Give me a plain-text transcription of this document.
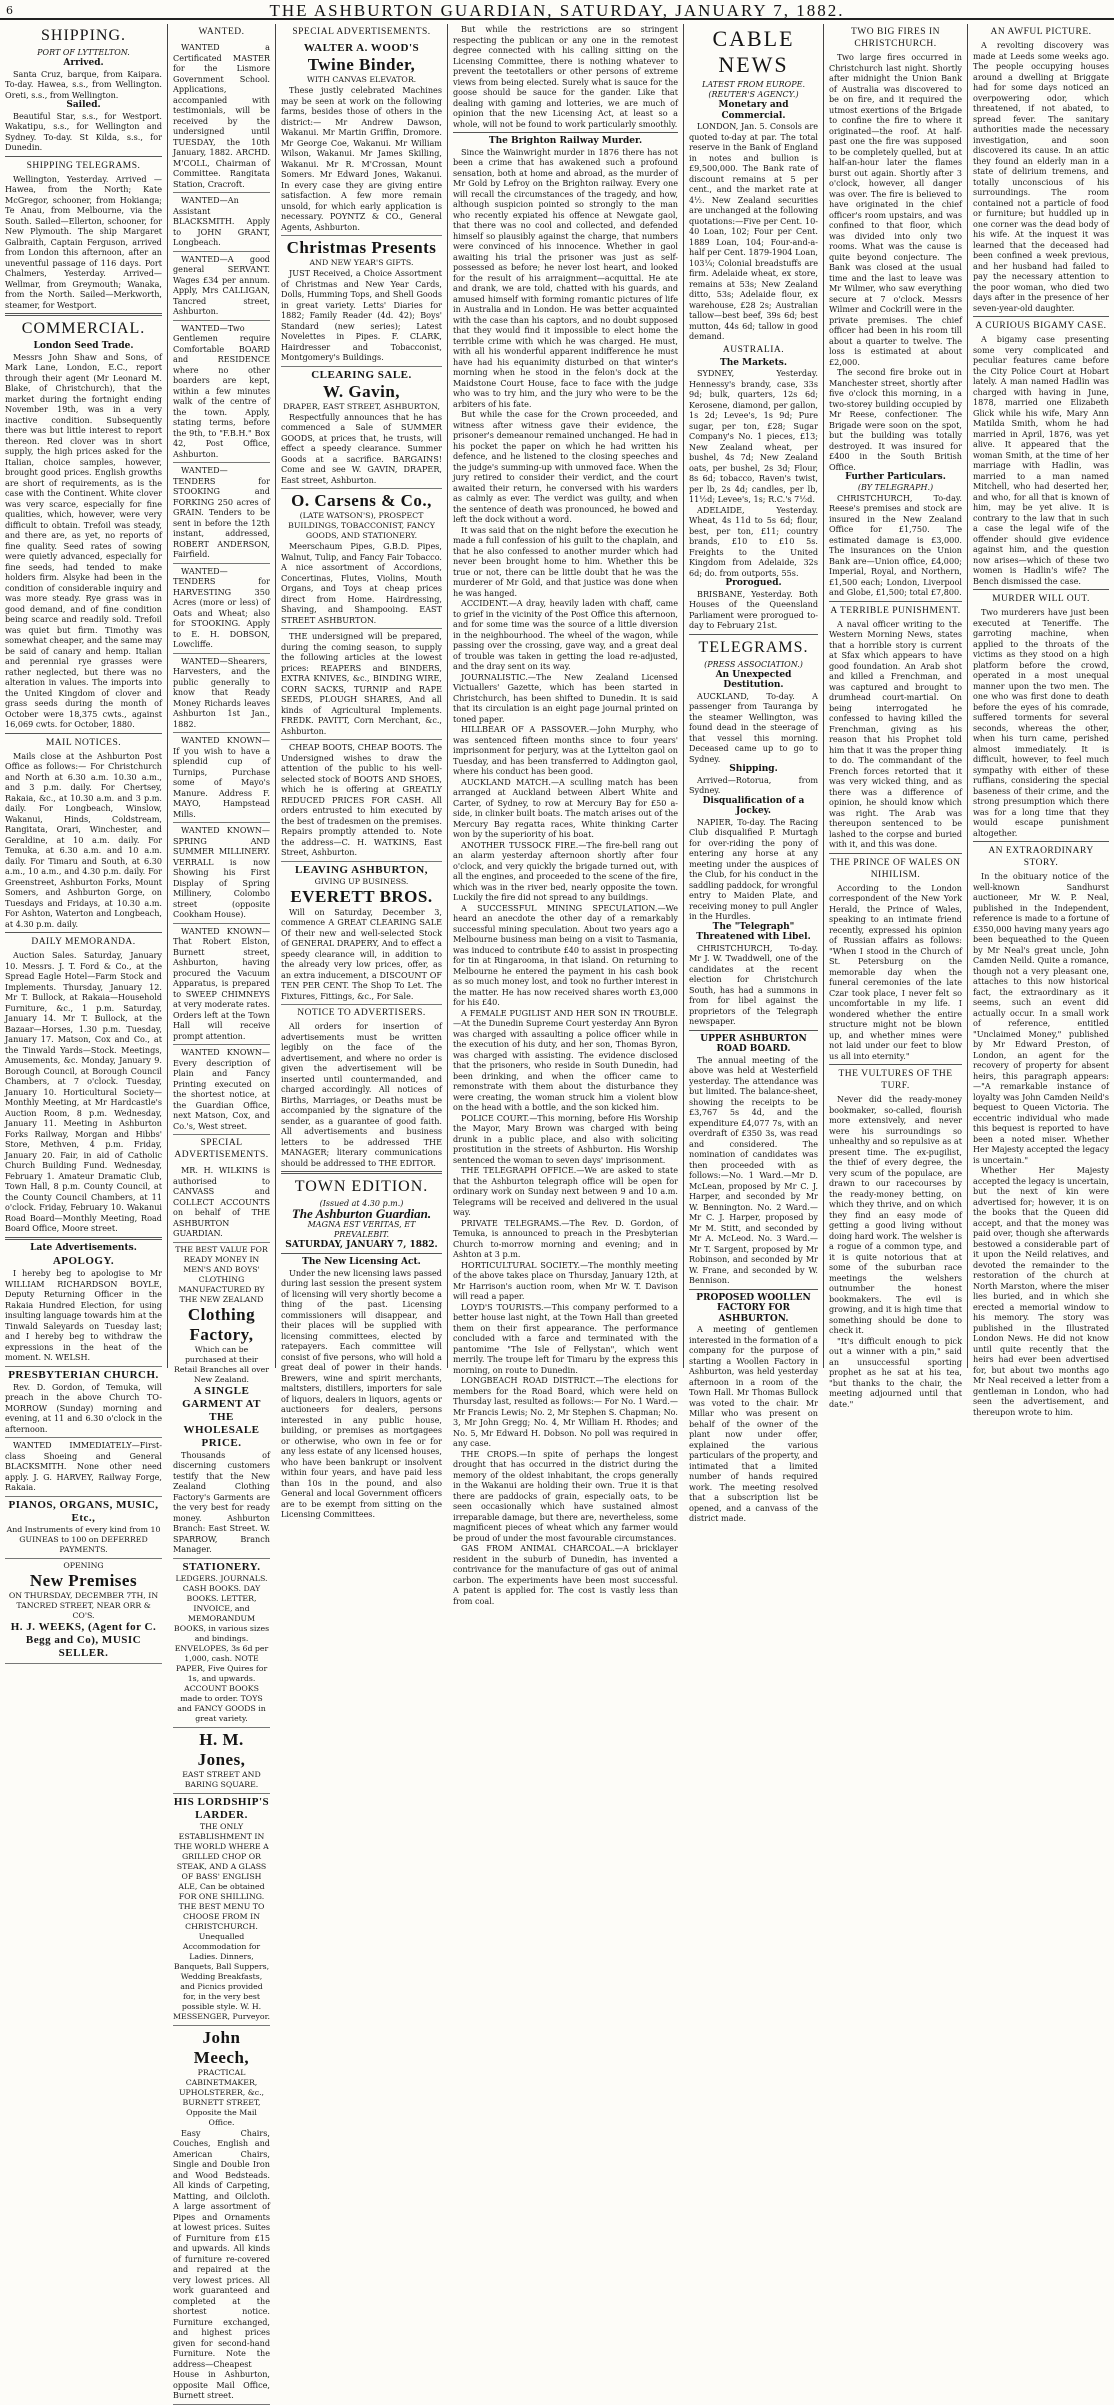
6	THE ASHBURTON GUARDIAN, SATURDAY, JANUARY 7, 1882.
SHIPPING.
PORT OF LYTTELTON.
Arrived.
Santa Cruz, barque, from Kaipara. To-day. Hawea, s.s., from Wellington. Oreti, s.s., from Wellington.
Sailed.
Beautiful Star, s.s., for Westport. Wakatipu, s.s., for Wellington and Sydney. To-day. St Kilda, s.s., for Dunedin.
SHIPPING TELEGRAMS.
Wellington, Yesterday. Arrived — Hawea, from the North; Kate McGregor, schooner, from Hokianga; Te Anau, from Melbourne, via the South. Sailed—Ellerton, schooner, for New Plymouth. The ship Margaret Galbraith, Captain Ferguson, arrived from London this afternoon, after an uneventful passage of 116 days. Port Chalmers, Yesterday. Arrived—Wellmar, from Greymouth; Wanaka, from the North. Sailed—Merkworth, steamer, for Westport.
COMMERCIAL.
London Seed Trade.
Messrs John Shaw and Sons, of Mark Lane, London, E.C., report through their agent (Mr Leonard M. Blake, of Christchurch), that the market during the fortnight ending November 19th, was in a very inactive condition. Subsequently there was but little interest to report thereon. Red clover was in short supply, the high prices asked for the Italian, choice samples, however, brought good prices. English growths are short of requirements, as is the case with the Continent. White clover was very scarce, especially for fine qualities, which, however, were very difficult to obtain. Trefoil was steady, and there are, as yet, no reports of fine quality. Seed rates of sowing were quietly advanced, especially for fine seeds, had tended to make holders firm. Alsyke had been in the condition of considerable inquiry and was more steady. Rye grass was in good demand, and of fine condition being scarce and readily sold. Trefoil was quiet but firm. Timothy was somewhat cheaper, and the same may be said of canary and hemp. Italian and perennial rye grasses were rather neglected, but there was no alteration in values. The imports into the United Kingdom of clover and grass seeds during the month of October were 18,375 cwts., against 16,069 cwts. for October, 1880.
MAIL NOTICES.
Mails close at the Ashburton Post Office as follows:— For Christchurch and North at 6.30 a.m. 10.30 a.m., and 3 p.m. daily. For Chertsey, Rakaia, &c., at 10.30 a.m. and 3 p.m. daily. For Longbeach, Winslow, Wakanui, Hinds, Coldstream, Rangitata, Orari, Winchester, and Geraldine, at 10 a.m. daily. For Temuka, at 6.30 a.m. and 10 a.m. daily. For Timaru and South, at 6.30 a.m., 10 a.m., and 4.30 p.m. daily. For Greenstreet, Ashburton Forks, Mount Somers, and Ashburton Gorge, on Tuesdays and Fridays, at 10.30 a.m. For Ashton, Waterton and Longbeach, at 4.30 p.m. daily.
DAILY MEMORANDA.
Auction Sales. Saturday, January 10. Messrs. J. T. Ford & Co., at the Spread Eagle Hotel—Farm Stock and Implements. Thursday, January 12. Mr T. Bullock, at Rakaia—Household Furniture, &c., 1 p.m. Saturday, January 14. Mr T. Bullock, at the Bazaar—Horses, 1.30 p.m. Tuesday, January 17. Matson, Cox and Co., at the Tinwald Yards—Stock. Meetings, Amusements, &c. Monday, January 9. Borough Council, at Borough Council Chambers, at 7 o'clock. Tuesday, January 10. Horticultural Society—Monthly Meeting, at Mr Hardcastle's Auction Room, 8 p.m. Wednesday, January 11. Meeting in Ashburton Forks Railway, Morgan and Hibbs' Store, Methven, 4 p.m. Friday, January 20. Fair, in aid of Catholic Church Building Fund. Wednesday, February 1. Amateur Dramatic Club, Town Hall, 8 p.m. County Council, at the County Council Chambers, at 11 o'clock. Friday, February 10. Wakanui Road Board—Monthly Meeting, Road Board Office, Moore street.
Late Advertisements.
APOLOGY.
I hereby beg to apologise to Mr WILLIAM RICHARDSON BOYLE, Deputy Returning Officer in the Rakaia Hundred Election, for using insulting language towards him at the Tinwald Saleyards on Tuesday last; and I hereby beg to withdraw the expressions in the heat of the moment. N. WELSH.
PRESBYTERIAN CHURCH.
Rev. D. Gordon, of Temuka, will preach in the above Church TO-MORROW (Sunday) morning and evening, at 11 and 6.30 o'clock in the afternoon.
WANTED IMMEDIATELY—First-class Shoeing and General BLACKSMITH. None other need apply. J. G. HARVEY, Railway Forge, Rakaia.
PIANOS, ORGANS, MUSIC, Etc.,
And Instruments of every kind from 10 GUINEAS to 100 on DEFERRED PAYMENTS.
OPENING
New Premises
ON THURSDAY, DECEMBER 7TH, IN TANCRED STREET, NEAR ORR & CO'S.
H. J. WEEKS, (Agent for C. Begg and Co), MUSIC SELLER.
WANTED.
WANTED a Certificated MASTER for the Lismore Government School. Applications, accompanied with testimonials, will be received by the undersigned until TUESDAY, the 10th January, 1882. ARCHD. M'COLL, Chairman of Committee. Rangitata Station, Cracroft.
WANTED—An Assistant BLACKSMITH. Apply to JOHN GRANT, Longbeach.
WANTED—A good general SERVANT. Wages £34 per annum. Apply, Mrs CALLIGAN, Tancred street, Ashburton.
WANTED—Two Gentlemen require Comfortable BOARD and RESIDENCE where no other boarders are kept, within a few minutes walk of the centre of the town. Apply, stating terms, before the 9th, to "F.B.H." Box 42, Post Office, Ashburton.
WANTED—TENDERS for STOOKING and FORKING 250 acres of GRAIN. Tenders to be sent in before the 12th instant, addressed, ROBERT ANDERSON, Fairfield.
WANTED—TENDERS for HARVESTING 350 Acres (more or less) of Oats and Wheat; also for STOOKING. Apply to E. H. DOBSON, Lowcliffe.
WANTED—Shearers, Harvesters, and the public generally to know that Ready Money Richards leaves Ashburton 1st Jan., 1882.
WANTED KNOWN—If you wish to have a splendid cup of Turnips, Purchase some of Mayo's Manure. Address F. MAYO, Hampstead Mills.
WANTED KNOWN—SPRING AND SUMMER MILLINERY. VERRALL is now Showing his First Display of Spring Millinery, Colombo street (opposite Cookham House).
WANTED KNOWN—That Robert Elston, Burnett street, Ashburton, having procured the Vacuum Apparatus, is prepared to SWEEP CHIMNEYS at very moderate rates. Orders left at the Town Hall will receive prompt attention.
WANTED KNOWN—Every description of Plain and Fancy Printing executed on the shortest notice, at the Guardian Office, next Matson, Cox, and Co.'s, West street.
SPECIAL ADVERTISEMENTS.
MR. H. WILKINS is authorised to CANVASS and COLLECT ACCOUNTS on behalf of THE ASHBURTON GUARDIAN.
THE BEST VALUE FOR READY MONEY IN MEN'S AND BOYS' CLOTHING MANUFACTURED BY THE NEW ZEALAND
Clothing Factory,
Which can be purchased at their Retail Branches all over New Zealand.
A SINGLE GARMENT AT THE WHOLESALE PRICE.
Thousands of discerning customers testify that the New Zealand Clothing Factory's Garments are the very best for ready money. Ashburton Branch: East Street. W. SPARROW, Branch Manager.
STATIONERY.
LEDGERS. JOURNALS. CASH BOOKS. DAY BOOKS. LETTER, INVOICE, and MEMORANDUM BOOKS, in various sizes and bindings. ENVELOPES, 3s 6d per 1,000, cash. NOTE PAPER, Five Quires for 1s, and upwards. ACCOUNT BOOKS made to order. TOYS and FANCY GOODS in great variety.
H. M. Jones,
EAST STREET AND BARING SQUARE.
HIS LORDSHIP'S LARDER.
THE ONLY ESTABLISHMENT IN THE WORLD WHERE A GRILLED CHOP OR STEAK, AND A GLASS OF BASS' ENGLISH ALE, Can be obtained FOR ONE SHILLING. THE BEST MENU TO CHOOSE FROM IN CHRISTCHURCH. Unequalled Accommodation for Ladies. Dinners, Banquets, Ball Suppers, Wedding Breakfasts, and Picnics provided for, in the very best possible style. W. H. MESSENGER, Purveyor.
John Meech,
PRACTICAL CABINETMAKER, UPHOLSTERER, &c., BURNETT STREET, Opposite the Mail Office.
Easy Chairs, Couches, English and American Chairs, Single and Double Iron and Wood Bedsteads. All kinds of Carpeting, Matting, and Oilcloth. A large assortment of Pipes and Ornaments at lowest prices. Suites of Furniture from £15 and upwards. All kinds of furniture re-covered and repaired at the very lowest prices. All work guaranteed and completed at the shortest notice. Furniture exchanged, and highest prices given for second-hand Furniture. Note the address—Cheapest House in Ashburton, opposite Mail Office, Burnett street.
SPECIAL ADVERTISEMENTS.
WALTER A. WOOD'S
Twine Binder,
WITH CANVAS ELEVATOR.
These justly celebrated Machines may be seen at work on the following farms, besides those of others in the district:— Mr Andrew Dawson, Wakanui. Mr Martin Griffin, Dromore. Mr George Coe, Wakanui. Mr William Wilson, Wakanui. Mr James Skilling, Wakanui. Mr R. M'Crossan, Mount Somers. Mr Edward Jones, Wakanui. In every case they are giving entire satisfaction. A few more remain unsold, for which early application is necessary. POYNTZ & CO., General Agents, Ashburton.
Christmas Presents
AND NEW YEAR'S GIFTS.
JUST Received, a Choice Assortment of Christmas and New Year Cards, Dolls, Humming Tops, and Shell Goods in great variety. Letts' Diaries for 1882; Family Reader (4d. 42); Boys' Standard (new series); Latest Novelettes in Pipes. F. CLARK, Hairdresser and Tobacconist, Montgomery's Buildings.
CLEARING SALE.
W. Gavin,
DRAPER, EAST STREET, ASHBURTON,
Respectfully announces that he has commenced a Sale of SUMMER GOODS, at prices that, he trusts, will effect a speedy clearance. Summer Goods at a sacrifice. BARGAINS! Come and see W. GAVIN, DRAPER, East street, Ashburton.
O. Carsens & Co.,
(LATE WATSON'S), PROSPECT BUILDINGS, TOBACCONIST, FANCY GOODS, AND STATIONERY.
Meerschaum Pipes, G.B.D. Pipes, Walnut, Tulip, and Fancy Fair Tobacco. A nice assortment of Accordions, Concertinas, Flutes, Violins, Mouth Organs, and Toys at cheap prices direct from Home. Hairdressing, Shaving, and Shampooing. EAST STREET ASHBURTON.
THE undersigned will be prepared, during the coming season, to supply the following articles at the lowest prices: REAPERS and BINDERS, EXTRA KNIVES, &c., BINDING WIRE, CORN SACKS, TURNIP and RAPE SEEDS, PLOUGH SHARES, And all kinds of Agricultural Implements. FREDK. PAVITT, Corn Merchant, &c., Ashburton.
CHEAP BOOTS, CHEAP BOOTS. The Undersigned wishes to draw the attention of the public to his well-selected stock of BOOTS AND SHOES, which he is offering at GREATLY REDUCED PRICES FOR CASH. All orders entrusted to him executed by the best of tradesmen on the premises. Repairs promptly attended to. Note the address—C. H. WATKINS, East Street, Ashburton.
LEAVING ASHBURTON,
GIVING UP BUSINESS.
EVERETT BROS.
Will on Saturday, December 3, commence A GREAT CLEARING SALE Of their new and well-selected Stock of GENERAL DRAPERY, And to effect a speedy clearance will, in addition to the already very low prices, offer, as an extra inducement, a DISCOUNT OF TEN PER CENT. The Shop To Let. The Fixtures, Fittings, &c., For Sale.
NOTICE TO ADVERTISERS.
All orders for insertion of advertisements must be written legibly on the face of the advertisement, and where no order is given the advertisement will be inserted until countermanded, and charged accordingly. All notices of Births, Marriages, or Deaths must be accompanied by the signature of the sender, as a guarantee of good faith. All advertisements and business letters to be addressed THE MANAGER; literary communications should be addressed to THE EDITOR.
TOWN EDITION.
(Issued at 4.30 p.m.)
The Ashburton Guardian.
MAGNA EST VERITAS, ET PREVALEBIT.
SATURDAY, JANUARY 7, 1882.
The New Licensing Act.
Under the new licensing laws passed during last session the present system of licensing will very shortly become a thing of the past. Licensing commissioners will disappear, and their places will be supplied with licensing committees, elected by ratepayers. Each committee will consist of five persons, who will hold a great deal of power in their hands. Brewers, wine and spirit merchants, maltsters, distillers, importers for sale of liquors, dealers in liquors, agents or auctioneers for dealers, persons interested in any public house, building, or premises as mortgagees or otherwise, who own in fee or for any less estate of any licensed houses, who have been bankrupt or insolvent within four years, and have paid less than 10s in the pound, and also General and local Government officers are to be exempt from sitting on the Licensing Committees.
But while the restrictions are so stringent respecting the publican or any one in the remotest degree connected with his calling sitting on the Licensing Committee, there is nothing whatever to prevent the teetotallers or other persons of extreme views from being elected. Surely what is sauce for the goose should be sauce for the gander. Like that dealing with gaming and lotteries, we are much of opinion that the new Licensing Act, at least so a whole, will not be found to work particularly smoothly.
The Brighton Railway Murder.
Since the Wainwright murder in 1876 there has not been a crime that has awakened such a profound sensation, both at home and abroad, as the murder of Mr Gold by Lefroy on the Brighton railway. Every one will recall the circumstances of the tragedy, and how, although suspicion pointed so strongly to the man who recently expiated his offence at Newgate gaol, that there was no cool and collected, and defended himself so plausibly against the charge, that numbers were convinced of his innocence. Whether in gaol awaiting his trial the prisoner was just as self-possessed as before; he never lost heart, and looked for the result of his arraignment—acquittal. He ate and drank, we are told, chatted with his guards, and amused himself with forming romantic pictures of life in Australia and in London. He was better acquainted with the case than his captors, and no doubt supposed that they would find it impossible to elect home the terrible crime with which he was charged. He must, with all his wonderful apparent indifference he must have had his equanimity disturbed on that winter's morning when he stood in the felon's dock at the Maidstone Court House, face to face with the judge who was to try him, and the jury who were to be the arbiters of his fate.
But while the case for the Crown proceeded, and witness after witness gave their evidence, the prisoner's demeanour remained unchanged. He had in his pocket the paper on which he had written his defence, and he listened to the closing speeches and the judge's summing-up with unmoved face. When the jury retired to consider their verdict, and the court awaited their return, he conversed with his warders as calmly as ever. The verdict was guilty, and when the sentence of death was pronounced, he bowed and left the dock without a word.
It was said that on the night before the execution he made a full confession of his guilt to the chaplain, and that he also confessed to another murder which had never been brought home to him. Whether this be true or not, there can be little doubt that he was the murderer of Mr Gold, and that justice was done when he was hanged.
ACCIDENT.—A dray, heavily laden with chaff, came to grief in the vicinity of the Post Office this afternoon, and for some time was the source of a little diversion in the neighbourhood. The wheel of the wagon, while passing over the crossing, gave way, and a great deal of trouble was taken in getting the load re-adjusted, and the dray sent on its way.
JOURNALISTIC.—The New Zealand Licensed Victuallers' Gazette, which has been started in Christchurch, has been shifted to Dunedin. It is said that its circulation is an eight page journal printed on toned paper.
HILLBEAR OF A PASSOVER.—John Murphy, who was sentenced fifteen months since to four years' imprisonment for perjury, was at the Lyttelton gaol on Tuesday, and has been transferred to Addington gaol, where his conduct has been good.
AUCKLAND MATCH.—A sculling match has been arranged at Auckland between Albert White and Carter, of Sydney, to row at Mercury Bay for £50 a-side, in clinker built boats. The match arises out of the Mercury Bay regatta races, White thinking Carter won by the superiority of his boat.
ANOTHER TUSSOCK FIRE.—The fire-bell rang out an alarm yesterday afternoon shortly after four o'clock, and very quickly the brigade turned out, with all the engines, and proceeded to the scene of the fire, which was in the river bed, nearly opposite the town. Luckily the fire did not spread to any buildings.
A SUCCESSFUL MINING SPECULATION.—We heard an anecdote the other day of a remarkably successful mining speculation. About two years ago a Melbourne business man being on a visit to Tasmania, was induced to contribute £40 to assist in prospecting for tin at Ringarooma, in that island. On returning to Melbourne he entered the payment in his cash book as so much money lost, and took no further interest in the matter. He has now received shares worth £3,000 for his £40.
A FEMALE PUGILIST AND HER SON IN TROUBLE.—At the Dunedin Supreme Court yesterday Ann Byron was charged with assaulting a police officer while in the execution of his duty, and her son, Thomas Byron, was charged with assisting. The evidence disclosed that the prisoners, who reside in South Dunedin, had been drinking, and when the officer came to remonstrate with them about the disturbance they were creating, the woman struck him a violent blow on the head with a bottle, and the son kicked him.
POLICE COURT.—This morning, before His Worship the Mayor, Mary Brown was charged with being drunk in a public place, and also with soliciting prostitution in the streets of Ashburton. His Worship sentenced the woman to seven days' imprisonment.
THE TELEGRAPH OFFICE.—We are asked to state that the Ashburton telegraph office will be open for ordinary work on Sunday next between 9 and 10 a.m. Telegrams will be received and delivered in the usual way.
PRIVATE TELEGRAMS.—The Rev. D. Gordon, of Temuka, is announced to preach in the Presbyterian Church to-morrow morning and evening; and in Ashton at 3 p.m.
HORTICULTURAL SOCIETY.—The monthly meeting of the above takes place on Thursday, January 12th, at Mr Harrison's auction room, when Mr W. T. Davison will read a paper.
LOYD'S TOURISTS.—This company performed to a better house last night, at the Town Hall than greeted them on their first appearance. The performance concluded with a farce and terminated with the pantomime "The Isle of Fellystan", which went merrily. The troupe left for Timaru by the express this morning, on route to Dunedin.
LONGBEACH ROAD DISTRICT.—The elections for members for the Road Board, which were held on Thursday last, resulted as follows:— For No. 1 Ward.—Mr Francis Lewis; No. 2, Mr Stephen S. Chapman; No. 3, Mr John Gregg; No. 4, Mr William H. Rhodes; and No. 5, Mr Edward H. Dobson. No poll was required in any case.
THE CROPS.—In spite of perhaps the longest drought that has occurred in the district during the memory of the oldest inhabitant, the crops generally in the Wakanui are holding their own. True it is that there are paddocks of grain, especially oats, to be seen occasionally which have sustained almost irreparable damage, but there are, nevertheless, some magnificent pieces of wheat which any farmer would be proud of under the most favourable circumstances.
GAS FROM ANIMAL CHARCOAL.—A bricklayer resident in the suburb of Dunedin, has invented a contrivance for the manufacture of gas out of animal carbon. The experiments have been most successful. A patent is applied for. The cost is vastly less than from coal.
CABLE NEWS
LATEST FROM EUROPE.
(REUTER'S AGENCY.)
Monetary and Commercial.
LONDON, Jan. 5. Consols are quoted to-day at par. The total reserve in the Bank of England in notes and bullion is £9,500,000. The Bank rate of discount remains at 5 per cent., and the market rate at 4½. New Zealand securities are unchanged at the following quotations:—Five per Cent. 10-40 Loan, 102; Four per Cent. 1889 Loan, 104; Four-and-a-half per Cent. 1879-1904 Loan, 103¼; Colonial breadstuffs are firm. Adelaide wheat, ex store, remains at 53s; New Zealand ditto, 53s; Adelaide flour, ex warehouse, £28 2s; Australian tallow—best beef, 39s 6d; best mutton, 44s 6d; tallow in good demand.
AUSTRALIA.
The Markets.
SYDNEY, Yesterday. Hennessy's brandy, case, 33s 9d; bulk, quarters, 12s 6d; Kerosene, diamond, per gallon, 1s 2d; Levee's, 1s 9d; Pure sugar, per ton, £28; Sugar Company's No. 1 pieces, £13; New Zealand wheat, per bushel, 4s 7d; New Zealand oats, per bushel, 2s 3d; Flour, 8s 6d; tobacco, Raven's twist, per lb, 2s 4d; candles, per lb, 11½d; Levee's, 1s; R.C.'s 7½d.
ADELAIDE, Yesterday. Wheat, 4s 11d to 5s 6d; flour, best, per ton, £11; country brands, £10 to £10 5s. Freights to the United Kingdom from Adelaide, 32s 6d; do. from outports, 55s.
Prorogued.
BRISBANE, Yesterday. Both Houses of the Queensland Parliament were prorogued to-day to February 21st.
TELEGRAMS.
(PRESS ASSOCIATION.)
An Unexpected Destitution.
AUCKLAND, To-day. A passenger from Tauranga by the steamer Wellington, was found dead in the steerage of that vessel this morning. Deceased came up to go to Sydney.
Shipping.
Arrived—Rotorua, from Sydney.
Disqualification of a Jockey.
NAPIER, To-day. The Racing Club disqualified P. Murtagh for over-riding the pony of entering any horse at any meeting under the auspices of the Club, for his conduct in the saddling paddock, for wrongful entry to Maiden Plate, and receiving money to pull Angler in the Hurdles.
The "Telegraph" Threatened with Libel.
CHRISTCHURCH, To-day. Mr J. W. Twaddwell, one of the candidates at the recent election for Christchurch South, has had a summons in from for libel against the proprietors of the Telegraph newspaper.
UPPER ASHBURTON ROAD BOARD.
The annual meeting of the above was held at Westerfield yesterday. The attendance was but limited. The balance-sheet, showing the receipts to be £3,767 5s 4d, and the expenditure £4,077 7s, with an overdraft of £350 3s, was read and considered. The nomination of candidates was then proceeded with as follows:—No. 1 Ward.—Mr D. McLean, proposed by Mr C. J. Harper, and seconded by Mr W. Bennington. No. 2 Ward.—Mr C. J. Harper, proposed by Mr M. Stitt, and seconded by Mr A. McLeod. No. 3 Ward.—Mr T. Sargent, proposed by Mr Robinson, and seconded by Mr W. Frane, and seconded by W. Bennison.
PROPOSED WOOLLEN FACTORY FOR ASHBURTON.
A meeting of gentlemen interested in the formation of a company for the purpose of starting a Woollen Factory in Ashburton, was held yesterday afternoon in a room of the Town Hall. Mr Thomas Bullock was voted to the chair. Mr Millar who was present on behalf of the owner of the plant now under offer, explained the various particulars of the property, and intimated that a limited number of hands required work. The meeting resolved that a subscription list be opened, and a canvass of the district made.
TWO BIG FIRES IN CHRISTCHURCH.
Two large fires occurred in Christchurch last night. Shortly after midnight the Union Bank of Australia was discovered to be on fire, and it required the utmost exertions of the Brigade to confine the fire to where it originated—the roof. At half-past one the fire was supposed to be completely quelled, but at half-an-hour later the flames burst out again. Shortly after 3 o'clock, however, all danger was over. The fire is believed to have originated in the chief officer's room upstairs, and was confined to that floor, which was divided into only two rooms. What was the cause is quite beyond conjecture. The Bank was closed at the usual time and the last to leave was Mr Wilmer, who saw everything secure at 7 o'clock. Messrs Wilmer and Cockrill were in the private premises. The chief officer had been in his room till about a quarter to twelve. The loss is estimated at about £2,000.
The second fire broke out in Manchester street, shortly after five o'clock this morning, in a two-storey building occupied by Mr Reese, confectioner. The Brigade were soon on the spot, but the building was totally destroyed. It was insured for £400 in the South British Office.
Further Particulars.
(BY TELEGRAPH.)
CHRISTCHURCH, To-day. Reese's premises and stock are insured in the New Zealand Office for £1,750. The estimated damage is £3,000. The insurances on the Union Bank are—Union office, £4,000; Imperial, Royal, and Northern, £1,500 each; London, Liverpool and Globe, £1,500; total £7,800.
A TERRIBLE PUNISHMENT.
A naval officer writing to the Western Morning News, states that a horrible story is current at Sfax which appears to have good foundation. An Arab shot and killed a Frenchman, and was captured and brought to drumhead court-martial. On being interrogated he confessed to having killed the Frenchman, giving as his reason that his Prophet told him that it was the proper thing to do. The commandant of the French forces retorted that it was very wicked thing, and as there was a difference of opinion, he should know which was right. The Arab was thereupon sentenced to be lashed to the corpse and buried with it, and this was done.
THE PRINCE OF WALES ON NIHILISM.
According to the London correspondent of the New York Herald, the Prince of Wales, speaking to an intimate friend recently, expressed his opinion of Russian affairs as follows: "When I stood in the Church of St. Petersburg on the memorable day when the funeral ceremonies of the late Czar took place, I never felt so uncomfortable in my life. I wondered whether the entire structure might not be blown up, and whether mines were not laid under our feet to blow us all into eternity."
THE VULTURES OF THE TURF.
Never did the ready-money bookmaker, so-called, flourish more extensively, and never were his surroundings so unhealthy and so repulsive as at present time. The ex-pugilist, the thief of every degree, the very scum of the populace, are drawn to our racecourses by the ready-money betting, on which they thrive, and on which they find an easy mode of getting a good living without doing hard work. The welsher is a rogue of a common type, and it is quite notorious that at some of the suburban race meetings the welshers outnumber the honest bookmakers. The evil is growing, and it is high time that something should be done to check it.
"It's difficult enough to pick out a winner with a pin," said an unsuccessful sporting prophet as he sat at his tea, "but thanks to the chair, the meeting adjourned until that date."
AN AWFUL PICTURE.
A revolting discovery was made at Leeds some weeks ago. The people occupying houses around a dwelling at Briggate had for some days noticed an overpowering odor, which threatened, if not abated, to spread fever. The sanitary authorities made the necessary investigation, and soon discovered its cause. In an attic they found an elderly man in a state of delirium tremens, and totally unconscious of his surroundings. The room contained not a particle of food or furniture; but huddled up in one corner was the dead body of his wife. At the inquest it was learned that the deceased had been confined a week previous, and her husband had failed to pay the necessary attention to the poor woman, who died two days after in the presence of her seven-year-old daughter.
A CURIOUS BIGAMY CASE.
A bigamy case presenting some very complicated and peculiar features came before the City Police Court at Hobart lately. A man named Hadlin was charged with having in June, 1878, married one Elizabeth Glick while his wife, Mary Ann Matilda Smith, whom he had married in April, 1876, was yet alive. It appeared that the woman Smith, at the time of her marriage with Hadlin, was married to a man named Mitchell, who had deserted her, and who, for all that is known of him, may be yet alive. It is contrary to the law that in such a case the legal wife of the offender should give evidence against him, and the question now arises—which of these two women is Hadlin's wife? The Bench dismissed the case.
MURDER WILL OUT.
Two murderers have just been executed at Teneriffe. The garroting machine, when applied to the throats of the victims as they stood on a high platform before the crowd, operated in a most unequal manner upon the two men. The one who was first done to death before the eyes of his comrade, suffered torments for several seconds, whereas the other, when his turn came, perished almost immediately. It is difficult, however, to feel much sympathy with either of these ruffians, considering the special baseness of their crime, and the strong presumption which there was for a long time that they would escape punishment altogether.
AN EXTRAORDINARY STORY.
In the obituary notice of the well-known Sandhurst auctioneer, Mr W. P. Neal, published in the Independent, reference is made to a fortune of £350,000 having many years ago been bequeathed to the Queen by Mr Neal's great uncle, John Camden Neild. Quite a romance, though not a very pleasant one, attaches to this now historical fact, the extraordinary as it seems, such an event did actually occur. In a small work of reference, entitled "Unclaimed Money," published by Mr Edward Preston, of London, an agent for the recovery of property for absent heirs, this paragraph appears:—"A remarkable instance of loyalty was John Camden Neild's bequest to Queen Victoria. The eccentric individual who made this bequest is reported to have been a noted miser. Whether Her Majesty accepted the legacy is uncertain."
Whether Her Majesty accepted the legacy is uncertain, but the next of kin were advertised for; however, it is on the books that the Queen did accept, and that the money was paid over, though she afterwards bestowed a considerable part of it upon the Neild relatives, and devoted the remainder to the restoration of the church at North Marston, where the miser lies buried, and in which she erected a memorial window to his memory. The story was published in the Illustrated London News. He did not know until quite recently that the heirs had ever been advertised for, but about two months ago Mr Neal received a letter from a gentleman in London, who had seen the advertisement, and thereupon wrote to him.
